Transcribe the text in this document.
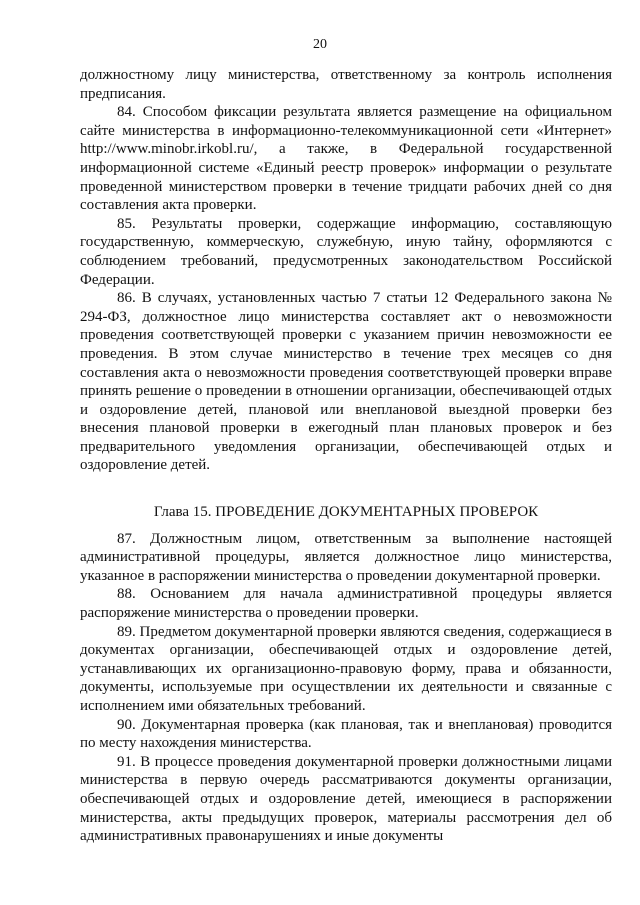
20

должностному лицу министерства, ответственному за контроль исполнения предписания.

84. Способом фиксации результата является размещение на официальном сайте министерства в информационно-телекоммуникационной сети «Интернет» http://www.minobr.irkobl.ru/, а также, в Федеральной государственной информационной системе «Единый реестр проверок» информации о результате проведенной министерством проверки в течение тридцати рабочих дней со дня составления акта проверки.

85. Результаты проверки, содержащие информацию, составляющую государственную, коммерческую, служебную, иную тайну, оформляются с соблюдением требований, предусмотренных законодательством Российской Федерации.

86. В случаях, установленных частью 7 статьи 12 Федерального закона № 294-ФЗ, должностное лицо министерства составляет акт о невозможности проведения соответствующей проверки с указанием причин невозможности ее проведения. В этом случае министерство в течение трех месяцев со дня составления акта о невозможности проведения соответствующей проверки вправе принять решение о проведении в отношении организации, обеспечивающей отдых и оздоровление детей, плановой или внеплановой выездной проверки без внесения плановой проверки в ежегодный план плановых проверок и без предварительного уведомления организации, обеспечивающей отдых и оздоровление детей.

Глава 15. ПРОВЕДЕНИЕ ДОКУМЕНТАРНЫХ ПРОВЕРОК

87. Должностным лицом, ответственным за выполнение настоящей административной процедуры, является должностное лицо министерства, указанное в распоряжении министерства о проведении документарной проверки.

88. Основанием для начала административной процедуры является распоряжение министерства о проведении проверки.

89. Предметом документарной проверки являются сведения, содержащиеся в документах организации, обеспечивающей отдых и оздоровление детей, устанавливающих их организационно-правовую форму, права и обязанности, документы, используемые при осуществлении их деятельности и связанные с исполнением ими обязательных требований.

90. Документарная проверка (как плановая, так и внеплановая) проводится по месту нахождения министерства.

91. В процессе проведения документарной проверки должностными лицами министерства в первую очередь рассматриваются документы организации, обеспечивающей отдых и оздоровление детей, имеющиеся в распоряжении министерства, акты предыдущих проверок, материалы рассмотрения дел об административных правонарушениях и иные документы
